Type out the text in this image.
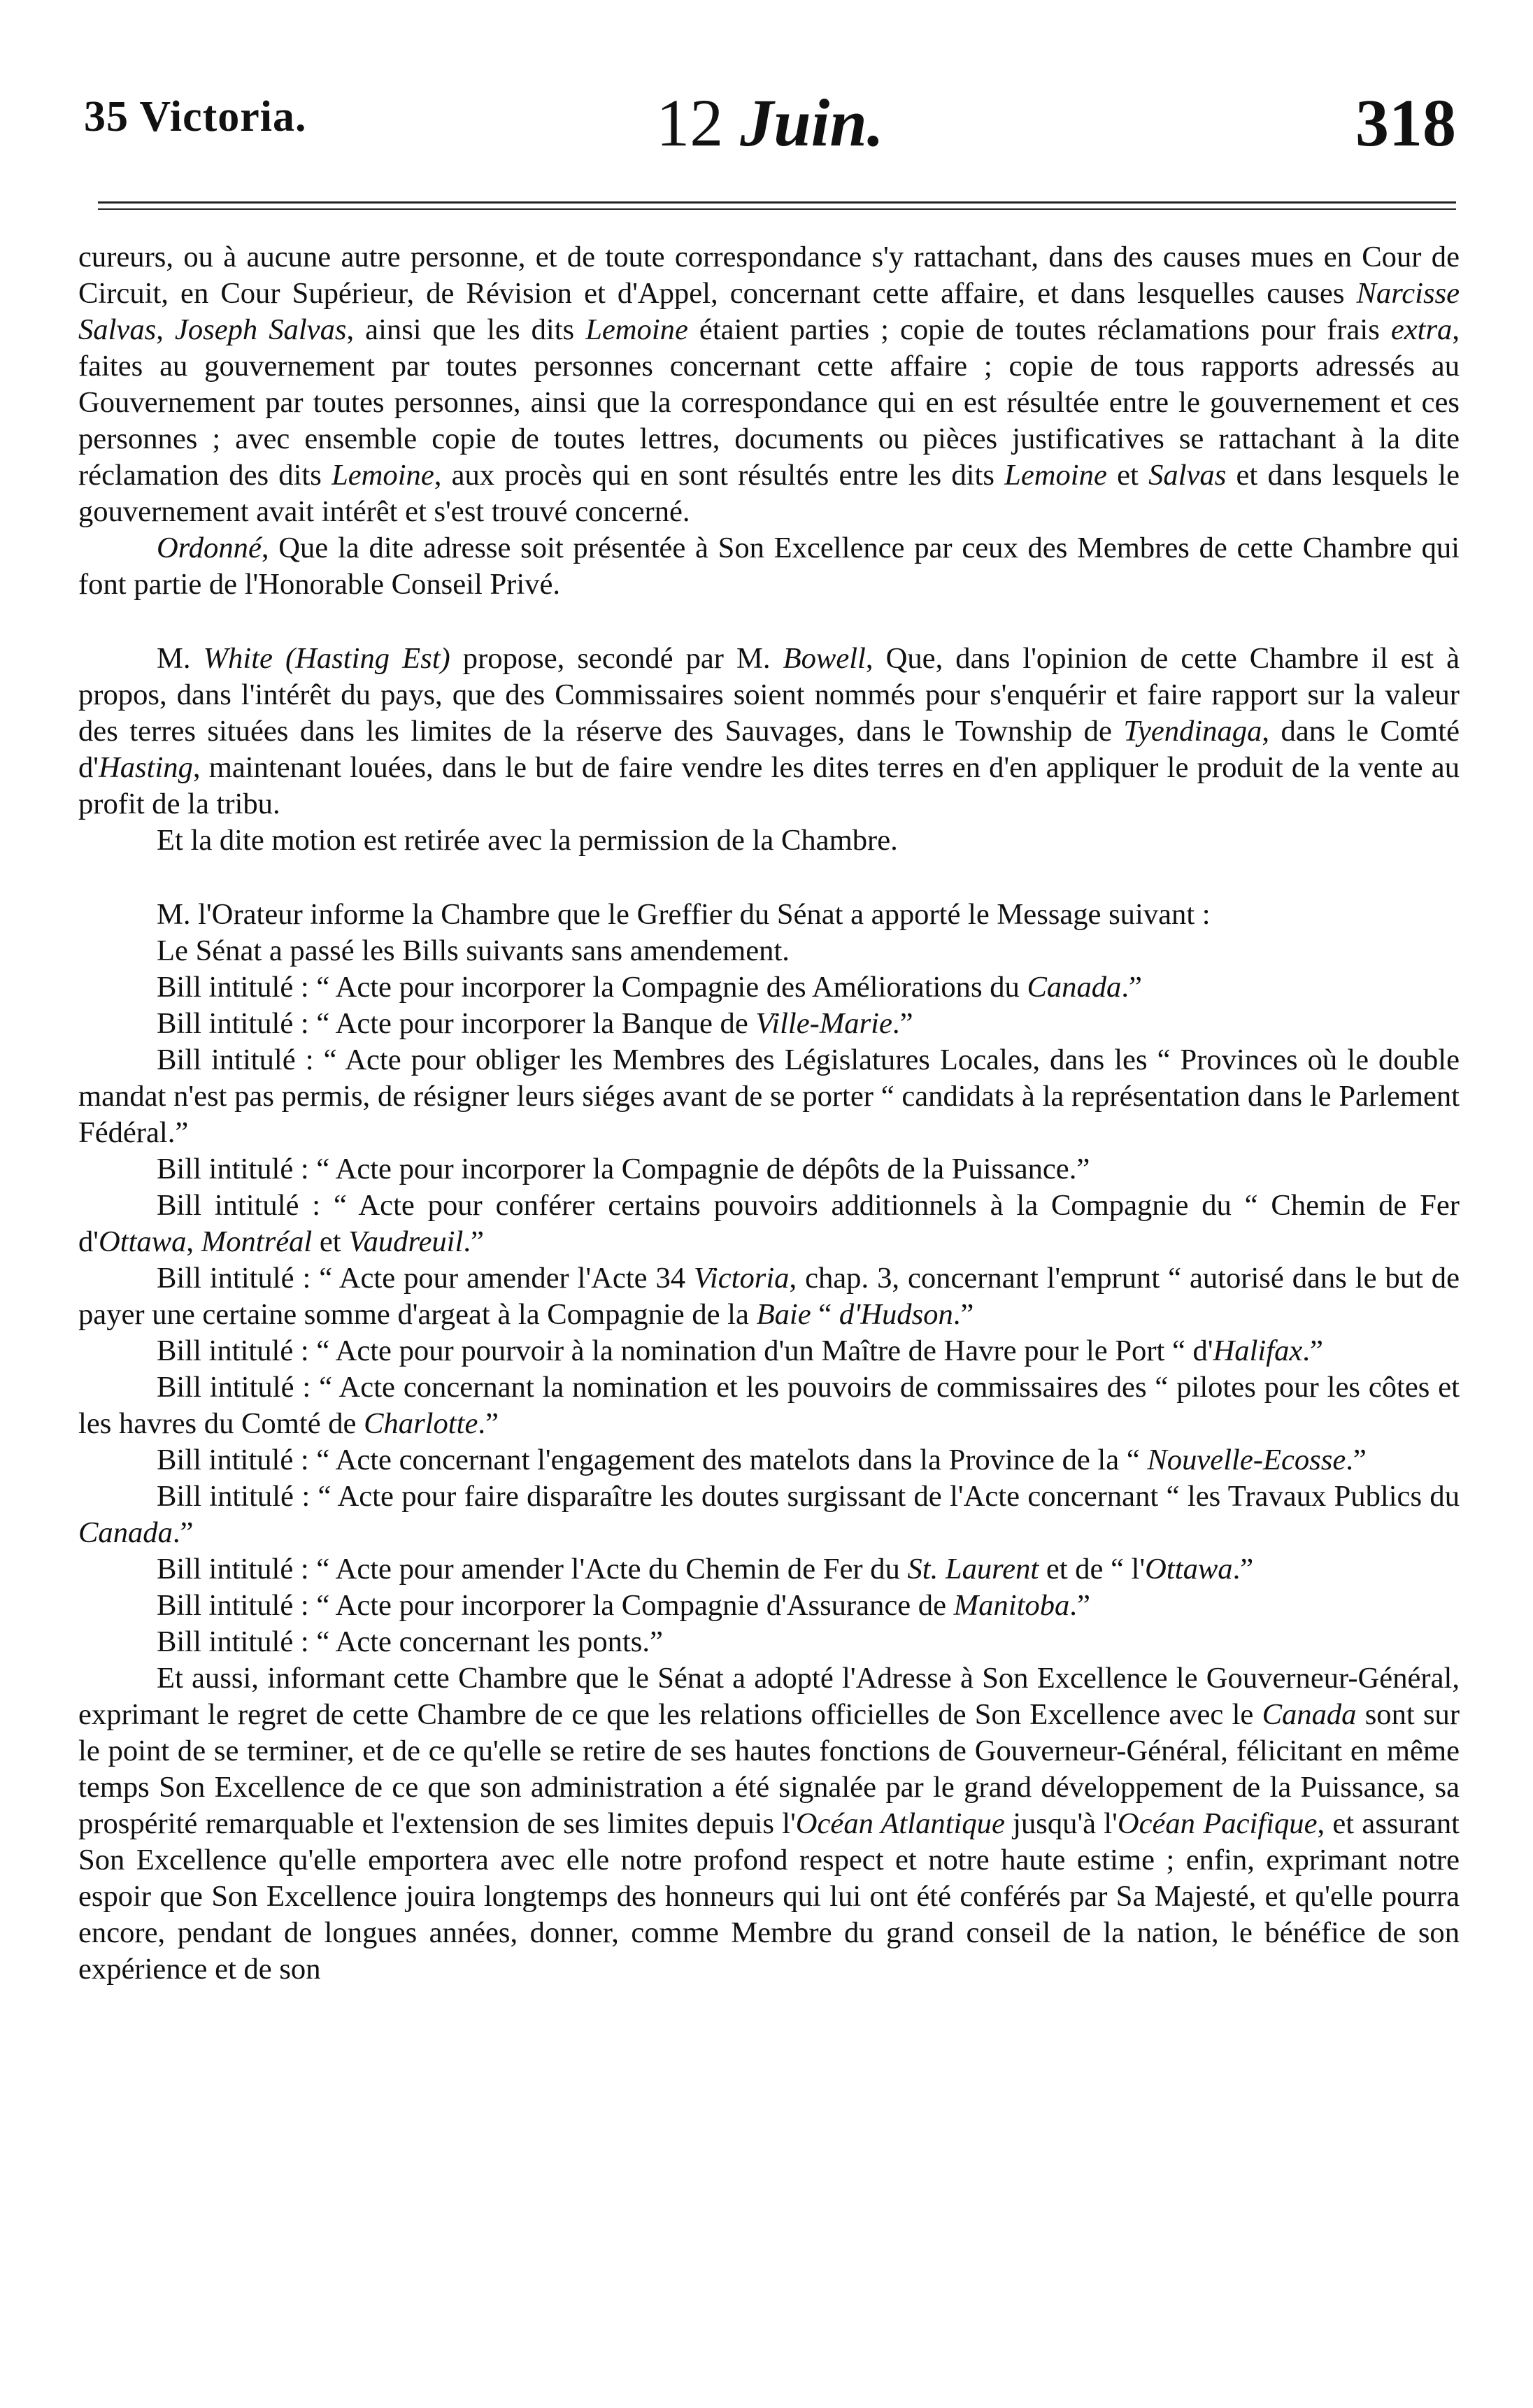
35 Victoria.	12 Juin.	318

cureurs, ou à aucune autre personne, et de toute correspondance s'y rattachant, dans des causes mues en Cour de Circuit, en Cour Supérieur, de Révision et d'Appel, concernant cette affaire, et dans lesquelles causes Narcisse Salvas, Joseph Salvas, ainsi que les dits Lemoine étaient parties ; copie de toutes réclamations pour frais extra, faites au gouvernement par toutes personnes concernant cette affaire ; copie de tous rapports adressés au Gouvernement par toutes personnes, ainsi que la correspondance qui en est résultée entre le gouvernement et ces personnes ; avec ensemble copie de toutes lettres, documents ou pièces justificatives se rattachant à la dite réclamation des dits Lemoine, aux procès qui en sont résultés entre les dits Lemoine et Salvas et dans lesquels le gouvernement avait intérêt et s'est trouvé concerné.

Ordonné, Que la dite adresse soit présentée à Son Excellence par ceux des Membres de cette Chambre qui font partie de l'Honorable Conseil Privé.

M. White (Hasting Est) propose, secondé par M. Bowell, Que, dans l'opinion de cette Chambre il est à propos, dans l'intérêt du pays, que des Commissaires soient nommés pour s'enquérir et faire rapport sur la valeur des terres situées dans les limites de la réserve des Sauvages, dans le Township de Tyendinaga, dans le Comté d'Hasting, maintenant louées, dans le but de faire vendre les dites terres en d'en appliquer le produit de la vente au profit de la tribu.

Et la dite motion est retirée avec la permission de la Chambre.

M. l'Orateur informe la Chambre que le Greffier du Sénat a apporté le Message suivant :

Le Sénat a passé les Bills suivants sans amendement.

Bill intitulé : “ Acte pour incorporer la Compagnie des Améliorations du Canada.”

Bill intitulé : “ Acte pour incorporer la Banque de Ville-Marie.”

Bill intitulé : “ Acte pour obliger les Membres des Législatures Locales, dans les “ Provinces où le double mandat n'est pas permis, de résigner leurs siéges avant de se porter “ candidats à la représentation dans le Parlement Fédéral.”

Bill intitulé : “ Acte pour incorporer la Compagnie de dépôts de la Puissance.”

Bill intitulé : “ Acte pour conférer certains pouvoirs additionnels à la Compagnie du “ Chemin de Fer d'Ottawa, Montréal et Vaudreuil.”

Bill intitulé : “ Acte pour amender l'Acte 34 Victoria, chap. 3, concernant l'emprunt “ autorisé dans le but de payer une certaine somme d'argeat à la Compagnie de la Baie “ d'Hudson.”

Bill intitulé : “ Acte pour pourvoir à la nomination d'un Maître de Havre pour le Port “ d'Halifax.”

Bill intitulé : “ Acte concernant la nomination et les pouvoirs de commissaires des “ pilotes pour les côtes et les havres du Comté de Charlotte.”

Bill intitulé : “ Acte concernant l'engagement des matelots dans la Province de la “ Nouvelle-Ecosse.”

Bill intitulé : “ Acte pour faire disparaître les doutes surgissant de l'Acte concernant “ les Travaux Publics du Canada.”

Bill intitulé : “ Acte pour amender l'Acte du Chemin de Fer du St. Laurent et de “ l'Ottawa.”

Bill intitulé : “ Acte pour incorporer la Compagnie d'Assurance de Manitoba.”

Bill intitulé : “ Acte concernant les ponts.”

Et aussi, informant cette Chambre que le Sénat a adopté l'Adresse à Son Excellence le Gouverneur-Général, exprimant le regret de cette Chambre de ce que les relations officielles de Son Excellence avec le Canada sont sur le point de se terminer, et de ce qu'elle se retire de ses hautes fonctions de Gouverneur-Général, félicitant en même temps Son Excellence de ce que son administration a été signalée par le grand développement de la Puissance, sa prospérité remarquable et l'extension de ses limites depuis l'Océan Atlantique jusqu'à l'Océan Pacifique, et assurant Son Excellence qu'elle emportera avec elle notre profond respect et notre haute estime ; enfin, exprimant notre espoir que Son Excellence jouira longtemps des honneurs qui lui ont été conférés par Sa Majesté, et qu'elle pourra encore, pendant de longues années, donner, comme Membre du grand conseil de la nation, le bénéfice de son expérience et de son
